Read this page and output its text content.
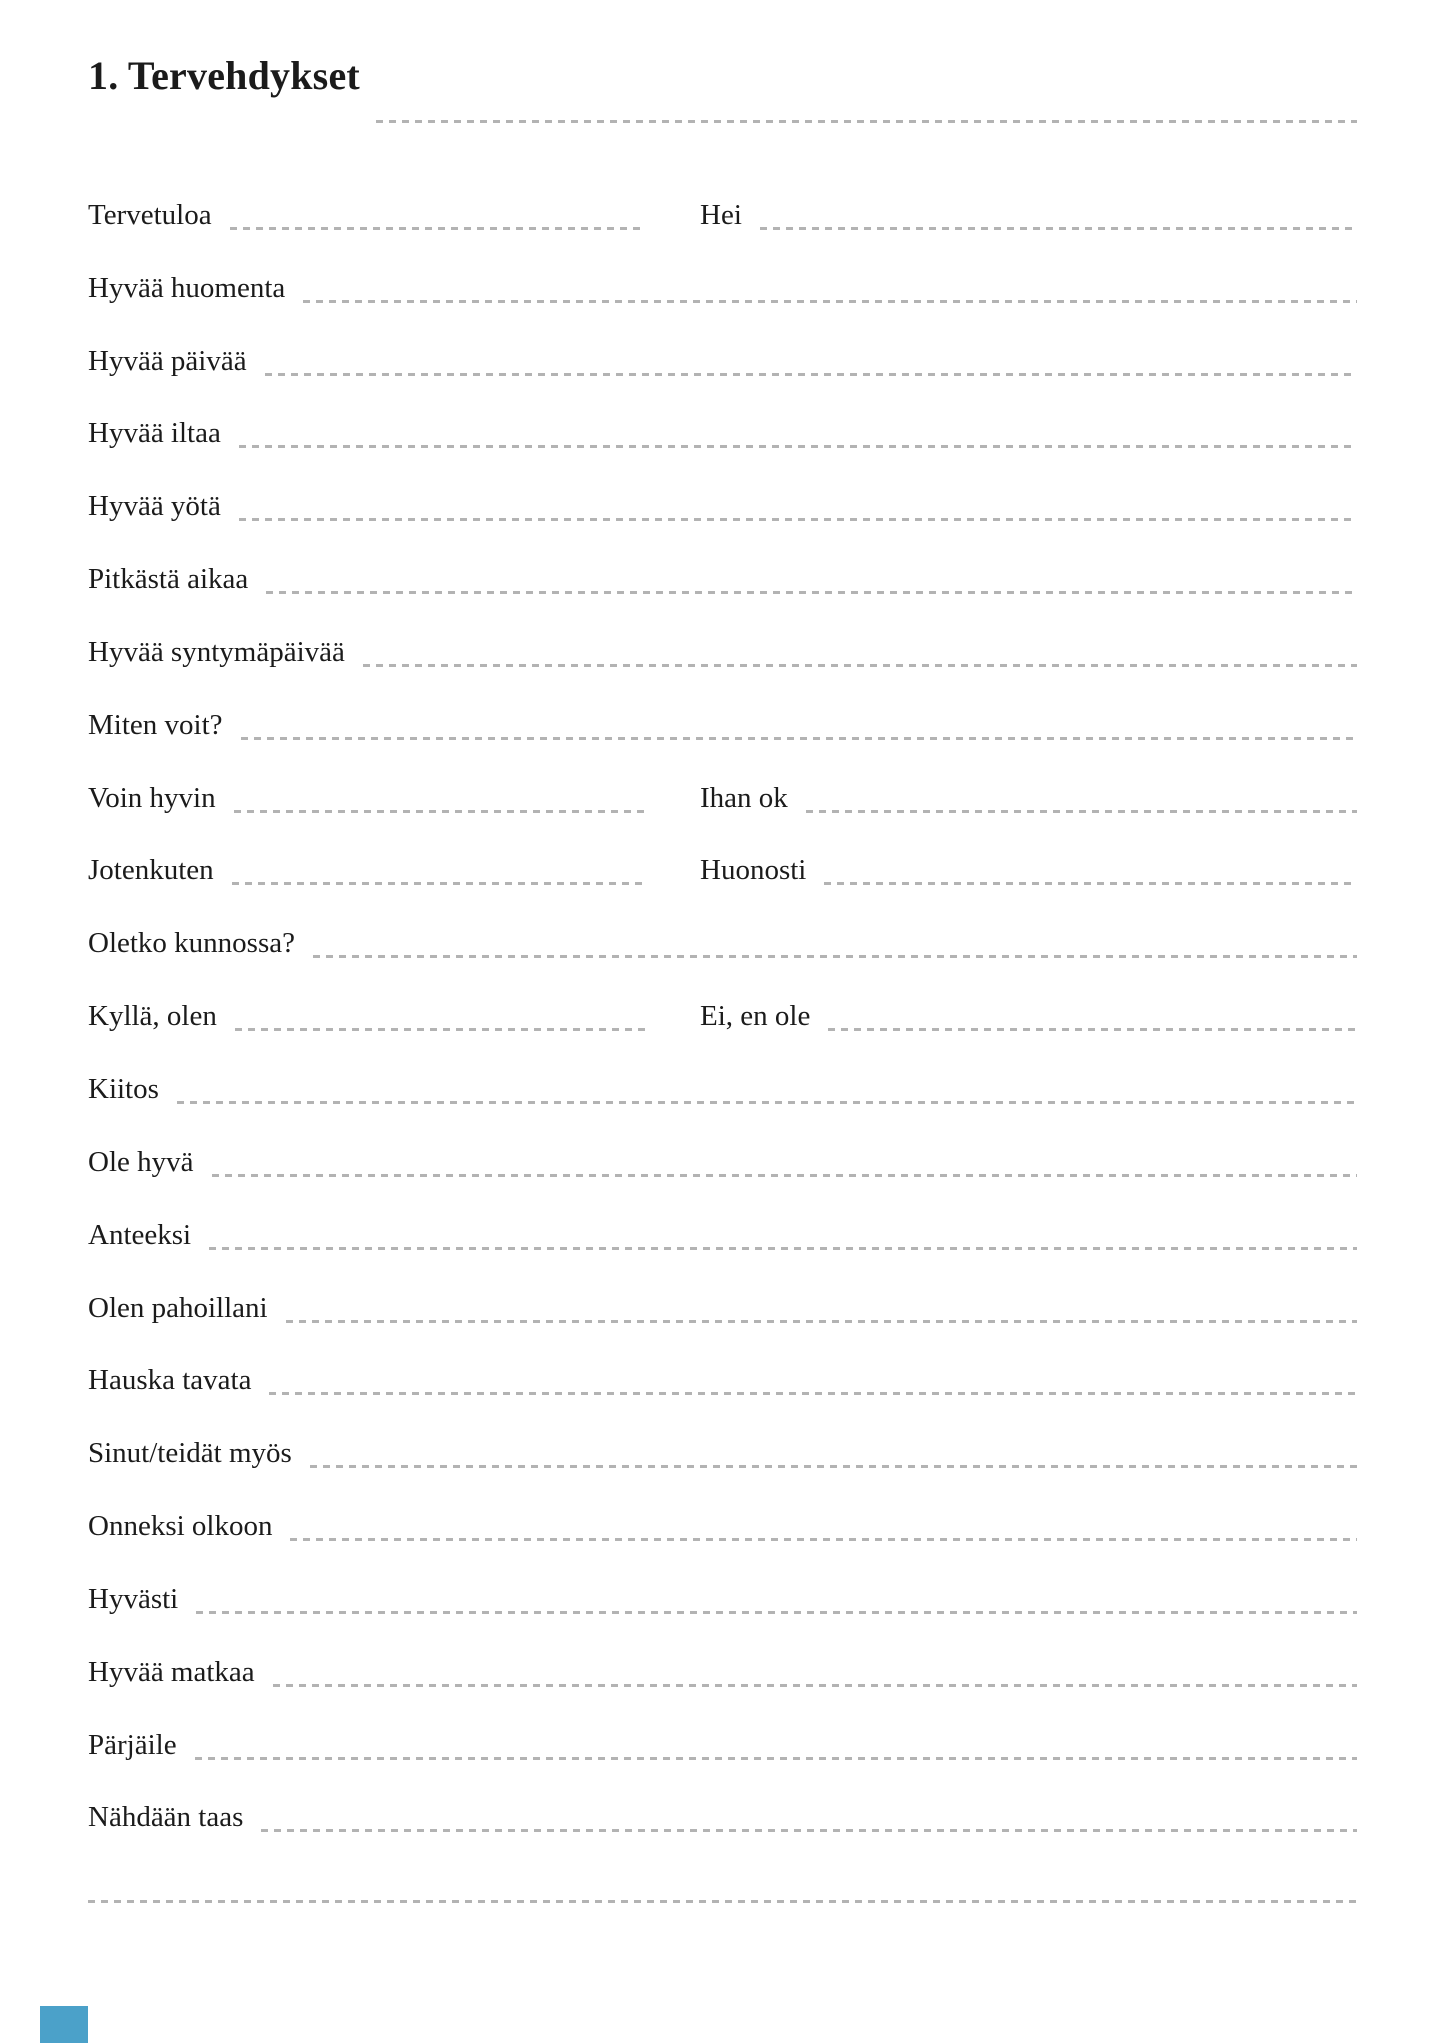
1. Tervehdykset
Tervetuloa	Hei
Hyvää huomenta
Hyvää päivää
Hyvää iltaa
Hyvää yötä
Pitkästä aikaa
Hyvää syntymäpäivää
Miten voit?
Voin hyvin	Ihan ok
Jotenkuten	Huonosti
Oletko kunnossa?
Kyllä, olen	Ei, en ole
Kiitos
Ole hyvä
Anteeksi
Olen pahoillani
Hauska tavata
Sinut/teidät myös
Onneksi olkoon
Hyvästi
Hyvää matkaa
Pärjäile
Nähdään taas
